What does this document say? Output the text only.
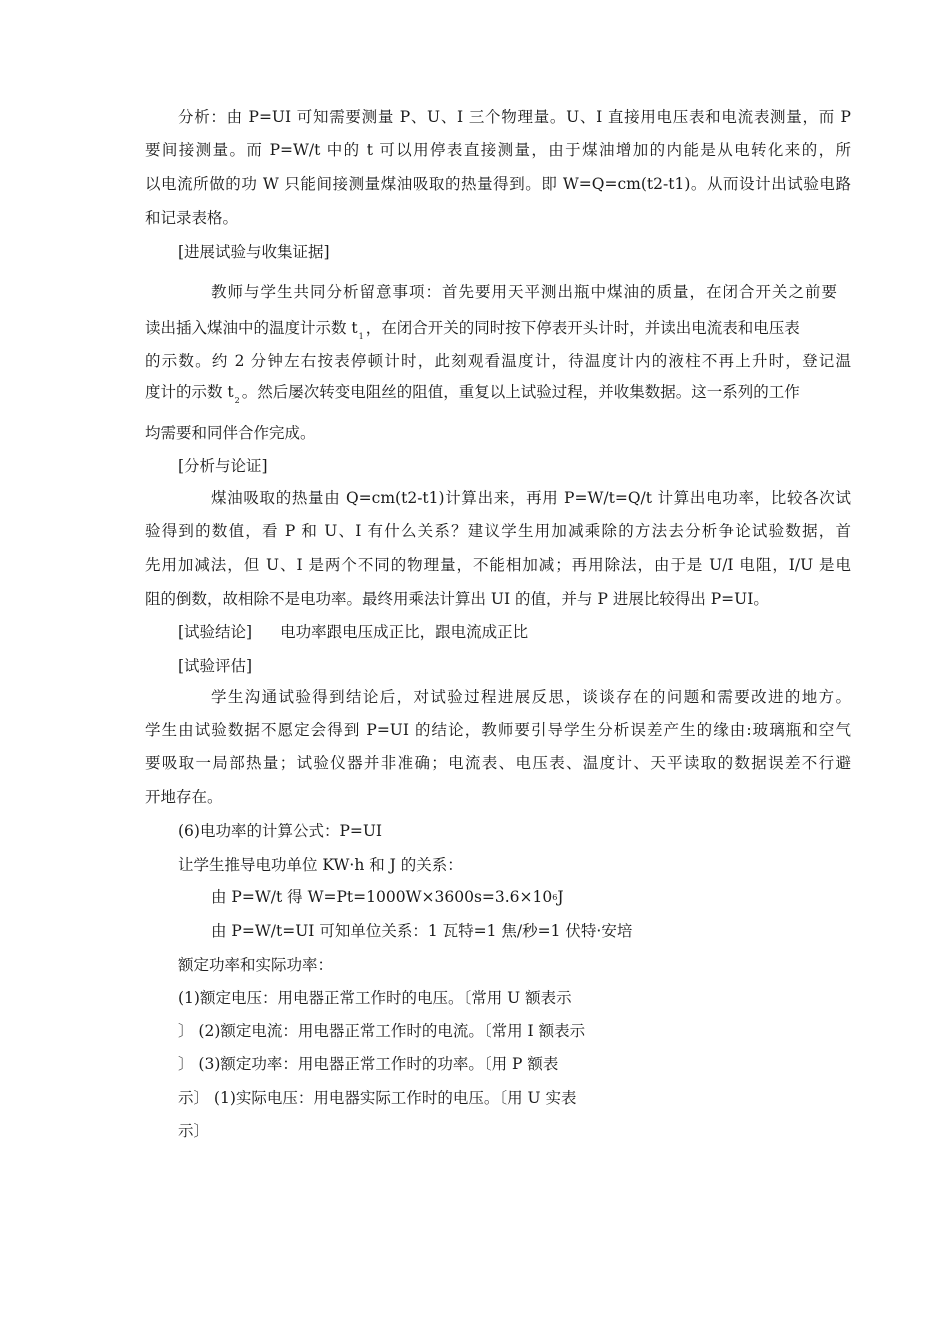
分析：由 P=UI 可知需要测量 P、U、I 三个物理量。U、I 直接用电压表和电流表测量，而 P
要间接测量。而 P=W/t 中的 t 可以用停表直接测量，由于煤油增加的内能是从电转化来的，所
以电流所做的功 W 只能间接测量煤油吸取的热量得到。即 W=Q=cm(t2-t1)。从而设计出试验电路
和记录表格。
[进展试验与收集证据]
教师与学生共同分析留意事项：首先要用天平测出瓶中煤油的质量，在闭合开关之前要
读出插入煤油中的温度计示数 $t_1$ ，在闭合开关的同时按下停表开头计时，并读出电流表和电压表
的示数。约 2 分钟左右按表停顿计时，此刻观看温度计，待温度计内的液柱不再上升时，登记温
度计的示数 $t_2$ 。然后屡次转变电阻丝的阻值，重复以上试验过程，并收集数据。这一系列的工作
均需要和同伴合作完成。
[分析与论证]
煤油吸取的热量由 Q=cm(t2-t1)计算出来，再用 P=W/t=Q/t 计算出电功率，比较各次试
验得到的数值，看 P 和 U、I 有什么关系？建议学生用加减乘除的方法去分析争论试验数据，首
先用加减法，但 U、I 是两个不同的物理量，不能相加减；再用除法，由于是 U/I 电阻，I/U 是电
阻的倒数，故相除不是电功率。最终用乘法计算出 UI 的值，并与 P 进展比较得出 P=UI。
[试验结论] 电功率跟电压成正比，跟电流成正比
[试验评估]
学生沟通试验得到结论后，对试验过程进展反思，谈谈存在的问题和需要改进的地方。
学生由试验数据不愿定会得到 P=UI 的结论，教师要引导学生分析误差产生的缘由:玻璃瓶和空气
要吸取一局部热量；试验仪器并非准确；电流表、电压表、温度计、天平读取的数据误差不行避
开地存在。
(6)电功率的计算公式：P=UI
让学生推导电功单位 KW·h 和 J 的关系：
由 P=W/t 得 W=Pt=1000W×3600s=3.6×106J
由 P=W/t=UI 可知单位关系：1 瓦特=1 焦/秒=1 伏特·安培
额定功率和实际功率：
(1)额定电压：用电器正常工作时的电压。〔常用 U 额表示
〕 (2)额定电流：用电器正常工作时的电流。〔常用 I 额表示
〕 (3)额定功率：用电器正常工作时的功率。〔用 P 额表
示〕 (1)实际电压：用电器实际工作时的电压。〔用 U 实表
示〕
